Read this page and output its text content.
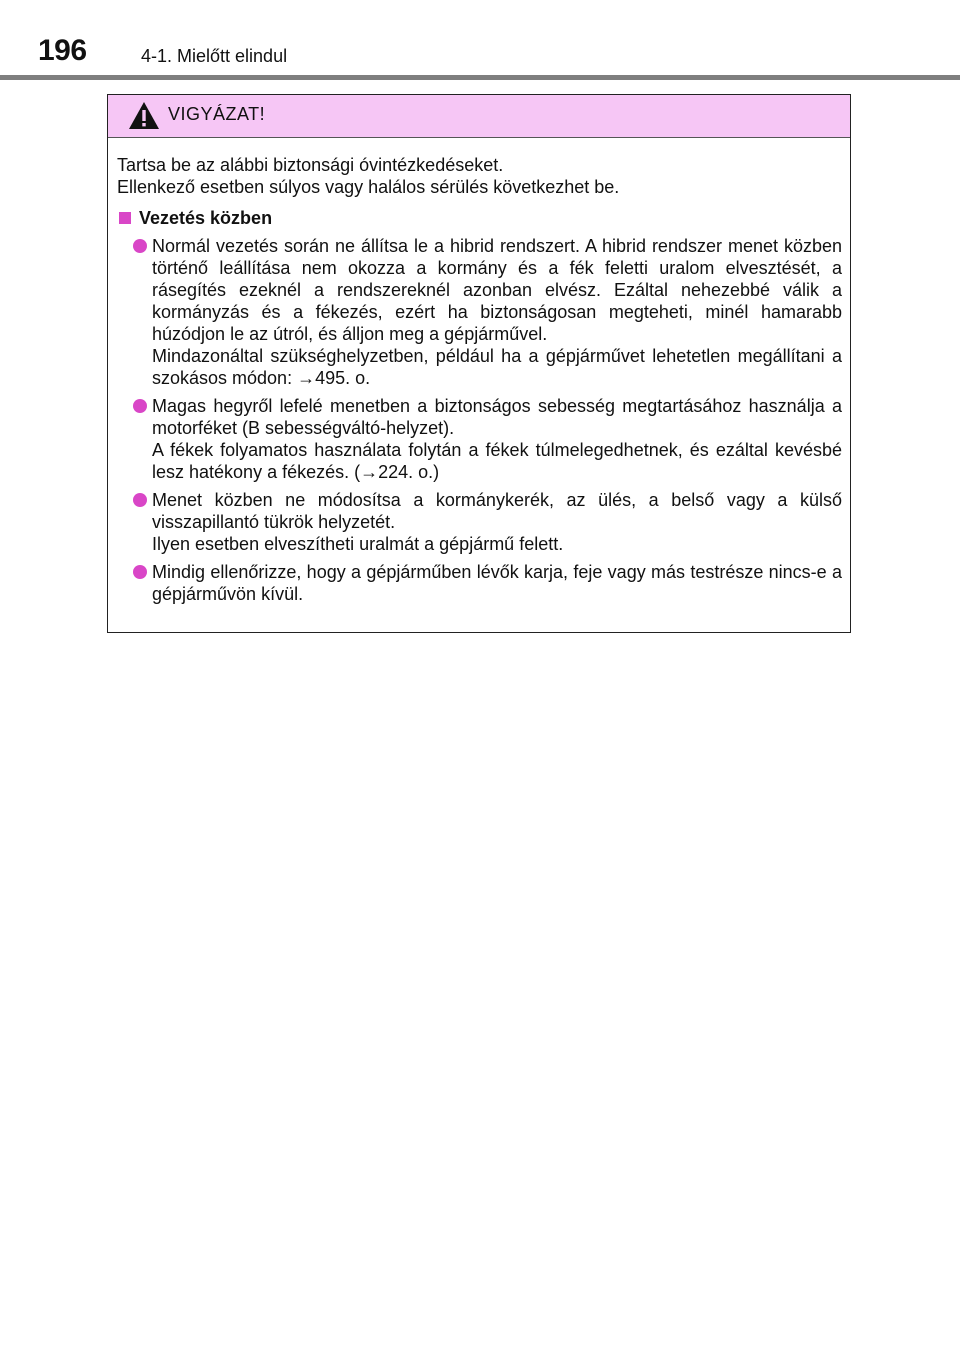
196	4-1. Mielőtt elindul
VIGYÁZAT!

Tartsa be az alábbi biztonsági óvintézkedéseket.

Ellenkező esetben súlyos vagy halálos sérülés következhet be.

Vezetés közben

Normál vezetés során ne állítsa le a hibrid rendszert. A hibrid rendszer menet közben történő leállítása nem okozza a kormány és a fék feletti uralom elvesztését, a rásegítés ezeknél a rendszereknél azonban elvész. Ezáltal nehezebbé válik a kormányzás és a fékezés, ezért ha biztonságosan megteheti, minél hamarabb húzódjon le az útról, és álljon meg a gépjárművel.

Mindazonáltal szükséghelyzetben, például ha a gépjárművet lehetetlen megállítani a szokásos módon: →495. o.

Magas hegyről lefelé menetben a biztonságos sebesség megtartásához használja a motorféket (B sebességváltó-helyzet).

A fékek folyamatos használata folytán a fékek túlmelegedhetnek, és ezáltal kevésbé lesz hatékony a fékezés. (→224. o.)

Menet közben ne módosítsa a kormánykerék, az ülés, a belső vagy a külső visszapillantó tükrök helyzetét.

Ilyen esetben elveszítheti uralmát a gépjármű felett.

Mindig ellenőrizze, hogy a gépjárműben lévők karja, feje vagy más testrésze nincs-e a gépjárművön kívül.
